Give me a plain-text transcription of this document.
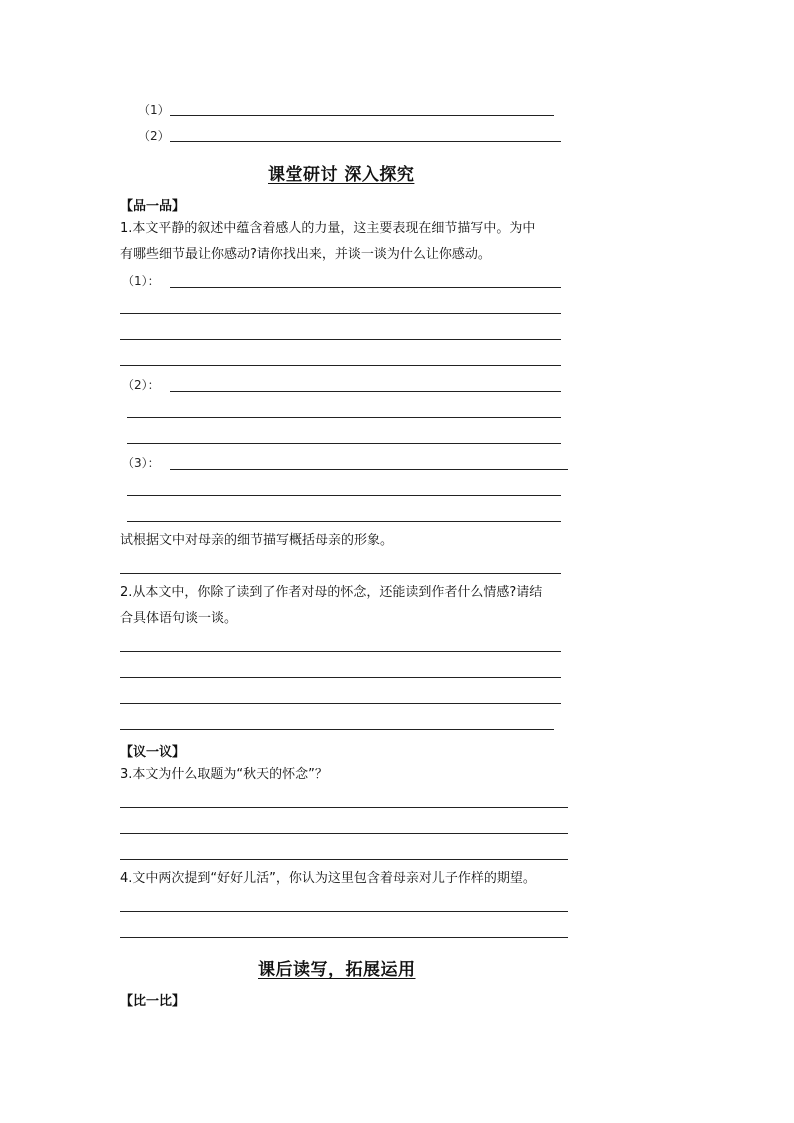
（1）
（2）
课堂研讨 深入探究
【品一品】
1.本文平静的叙述中蕴含着感人的力量，这主要表现在细节描写中。为中
有哪些细节最让你感动?请你找出来，并谈一谈为什么让你感动。
（1）：
（2）：
（3）：
试根据文中对母亲的细节描写概括母亲的形象。
2.从本文中，你除了读到了作者对母的怀念，还能读到作者什么情感?请结
合具体语句谈一谈。
【议一议】
3.本文为什么取题为“秋天的怀念”？
4.文中两次提到“好好儿活”，你认为这里包含着母亲对儿子作样的期望。
课后读写，拓展运用
【比一比】
